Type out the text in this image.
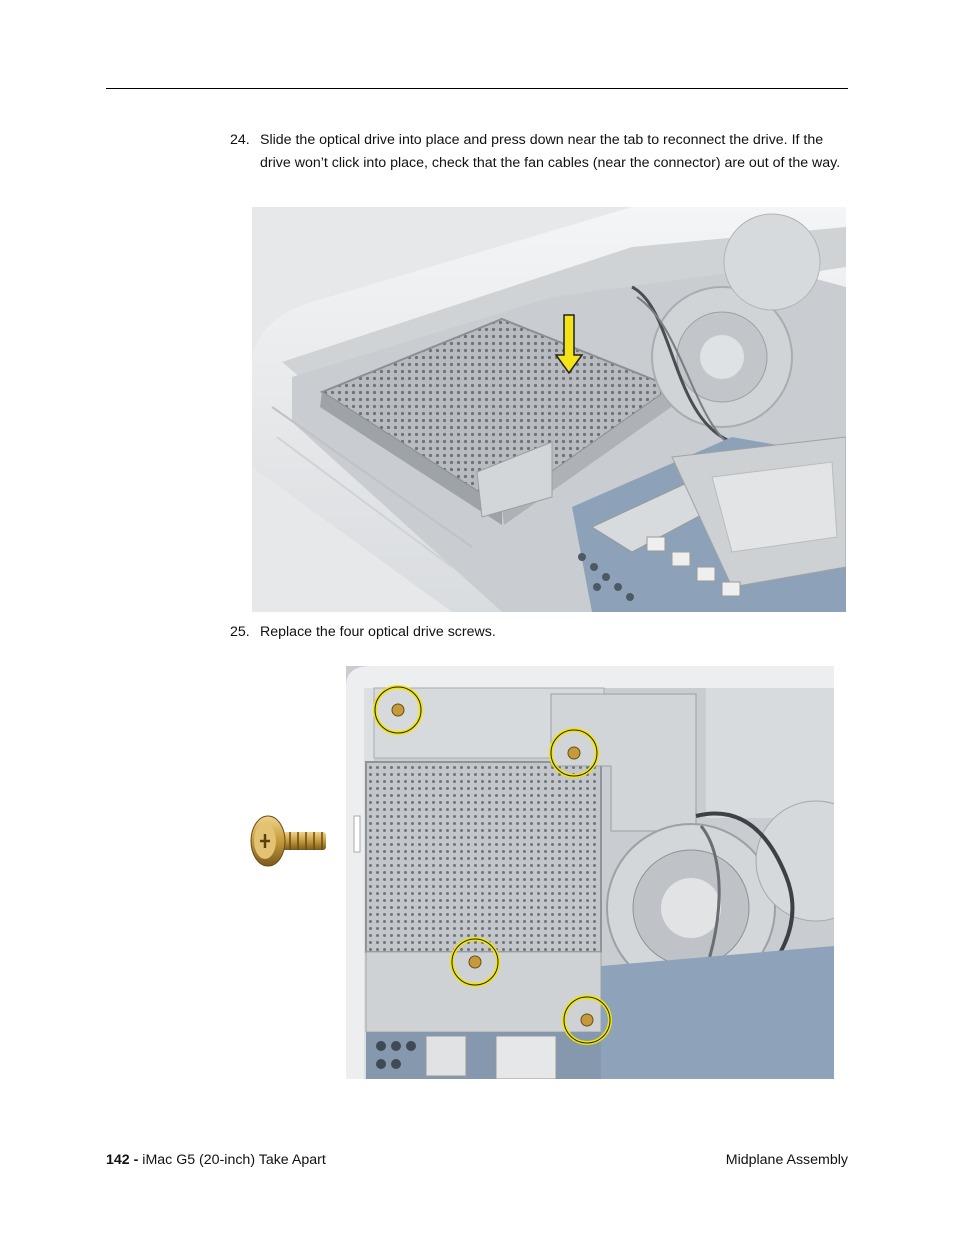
24. Slide the optical drive into place and press down near the tab to reconnect the drive. If the drive won’t click into place, check that the fan cables (near the connector) are out of the way.
25. Replace the four optical drive screws.
142 - iMac G5 (20-inch) Take Apart	Midplane Assembly
